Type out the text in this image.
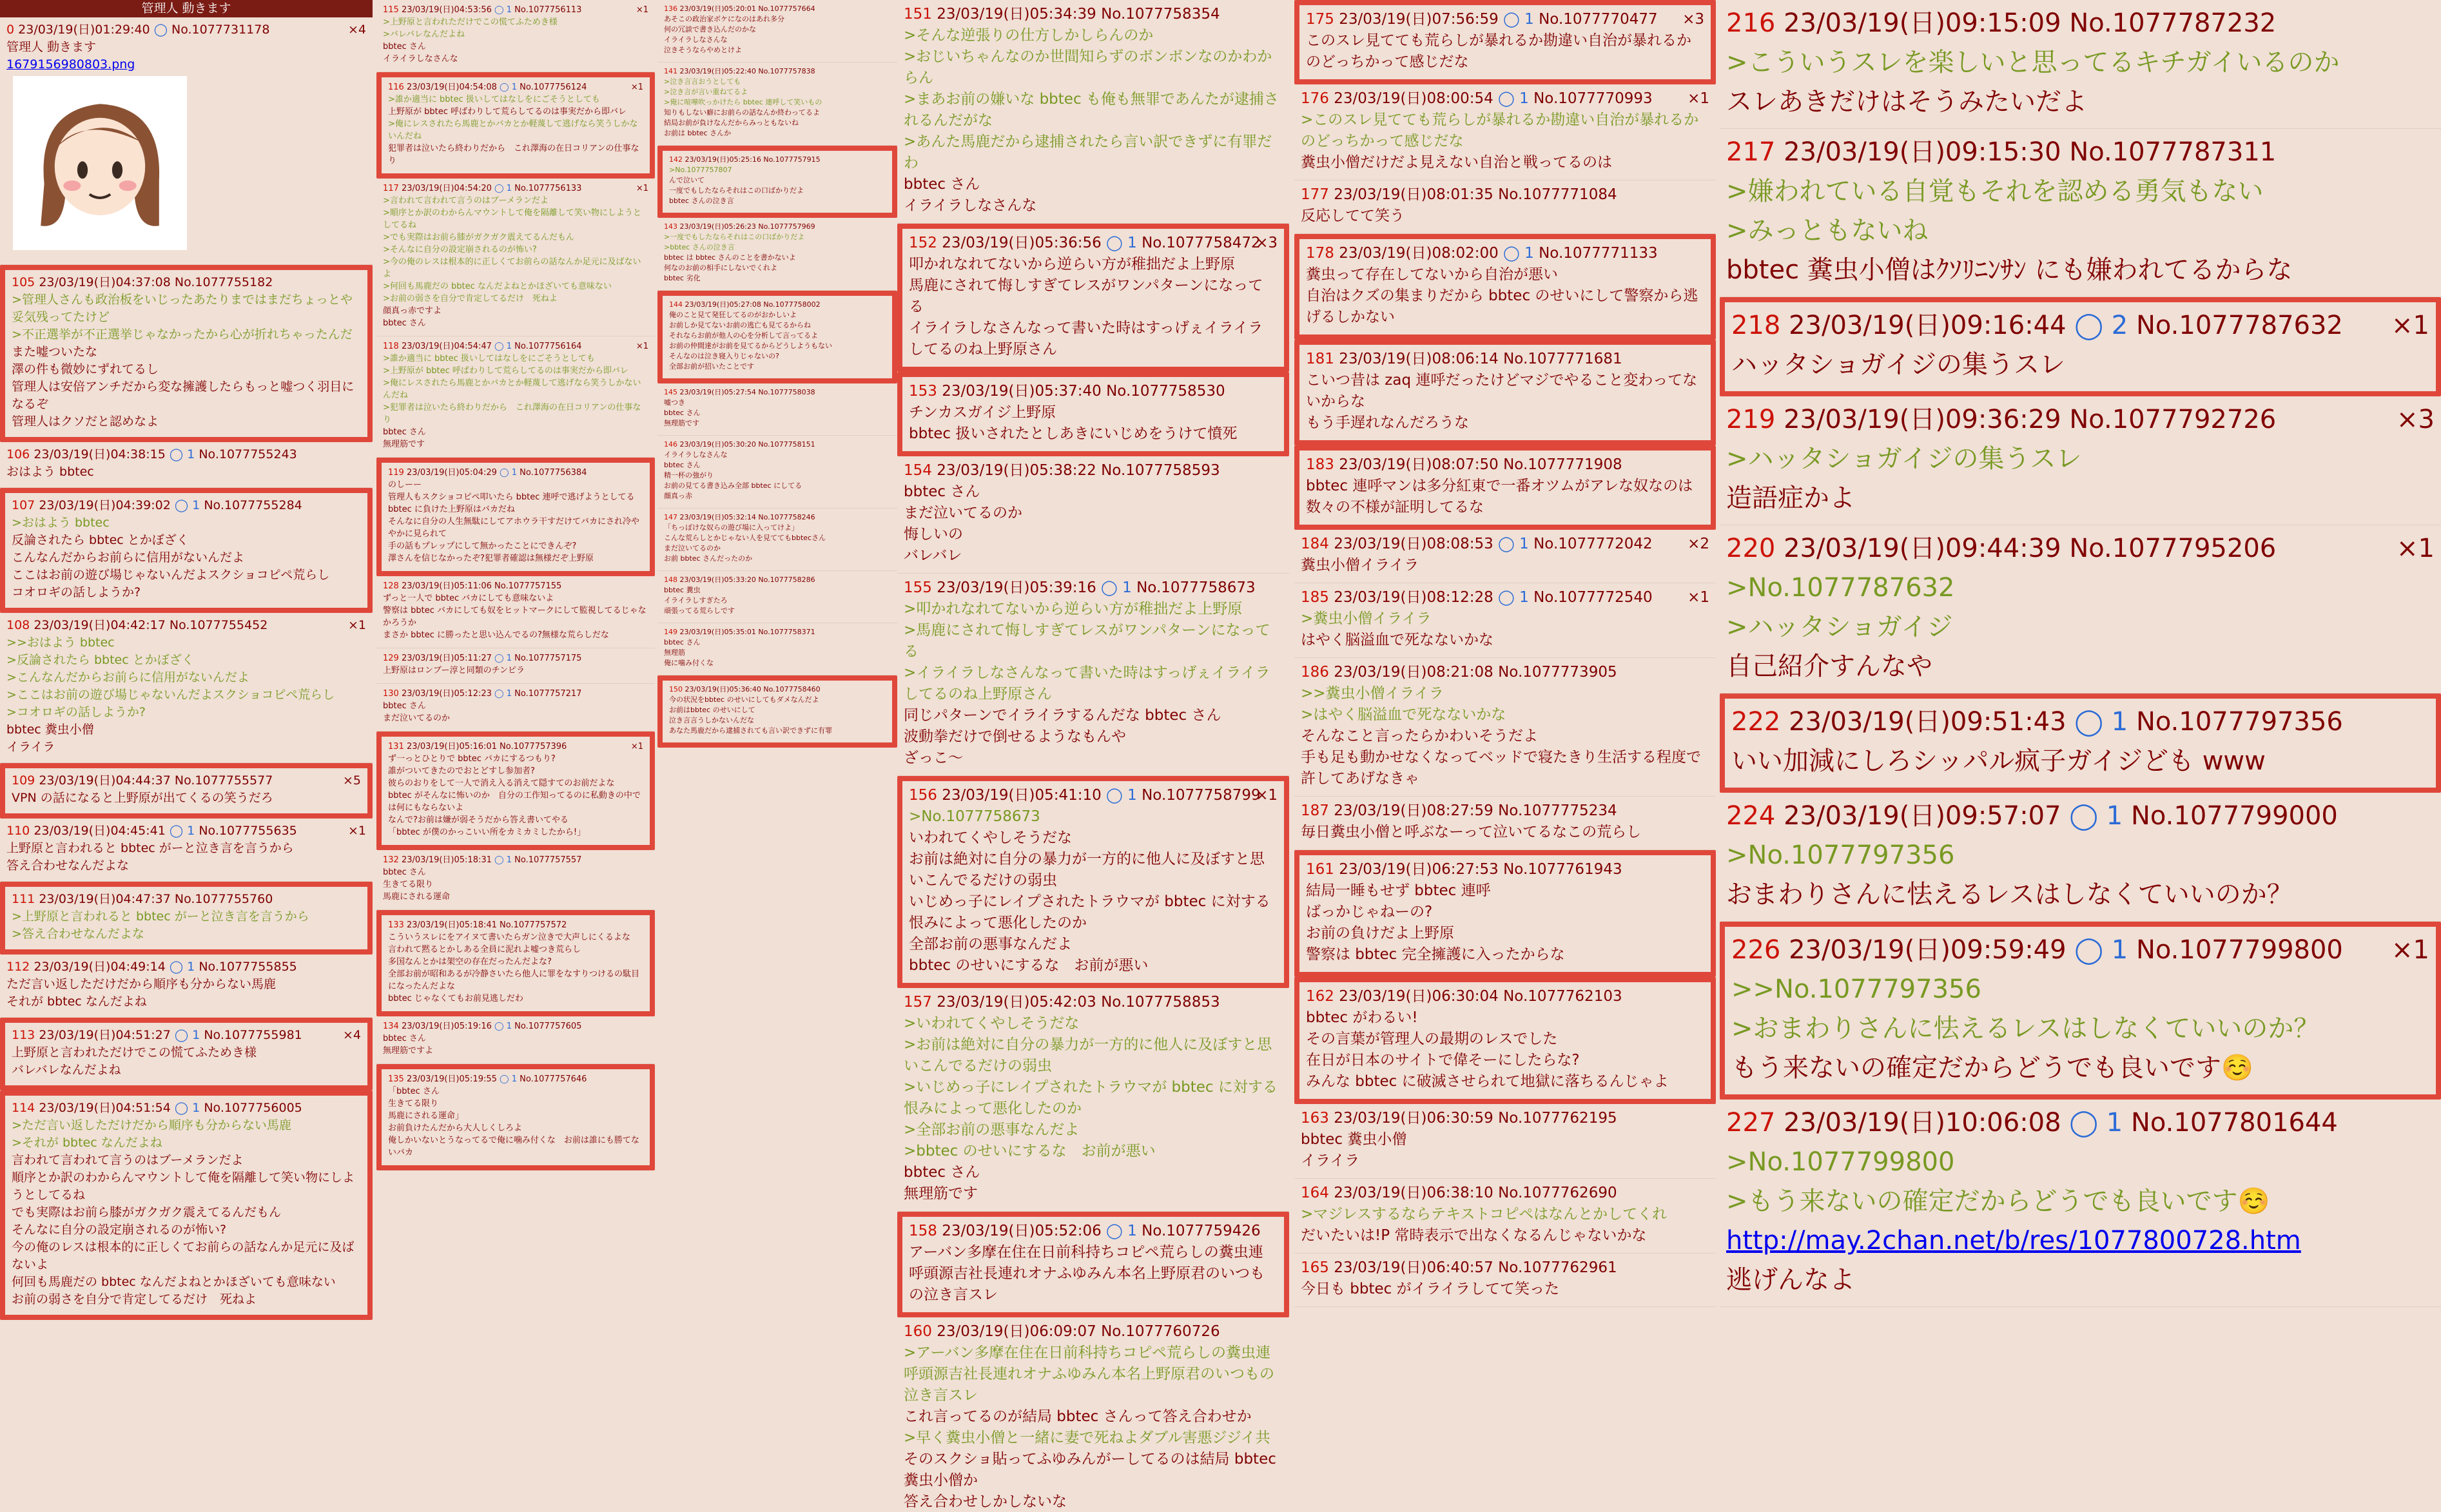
管理人 動きます
0 23/03/19(日)01:29:40 ◯ No.1077731178	×4
管理人 動きます
1679156980803.png
105 23/03/19(日)04:37:08 No.1077755182
>管理人さんも政治板をいじったあたりまではまだちょっとや妥気残ってたけど
>不正選挙が不正選挙じゃなかったから心が折れちゃったんだ
また嘘ついたな
澤の件も微妙にずれてるし
管理人は安倍アンチだから変な擁護したらもっと嘘つく羽目になるぞ
管理人はクソだと認めなよ
106 23/03/19(日)04:38:15 ◯ 1 No.1077755243
おはよう bbtec
107 23/03/19(日)04:39:02 ◯ 1 No.1077755284
>おはよう bbtec
反論されたら bbtec とかぼざく
こんなんだからお前らに信用がないんだよ
ここはお前の遊び場じゃないんだよスクショコピペ荒らし
コオロギの話しようか?
108 23/03/19(日)04:42:17 No.1077755452	×1
>>おはよう bbtec
>反論されたら bbtec とかぼざく
>こんなんだからお前らに信用がないんだよ
>ここはお前の遊び場じゃないんだよスクショコピペ荒らし
>コオロギの話しようか?
bbtec 糞虫小僧
イライラ
109 23/03/19(日)04:44:37 No.1077755577	×5
VPN の話になると上野原が出てくるの笑うだろ
110 23/03/19(日)04:45:41 ◯ 1 No.1077755635	×1
上野原と言われると bbtec がーと泣き言を言うから
答え合わせなんだよな
111 23/03/19(日)04:47:37 No.1077755760
>上野原と言われると bbtec がーと泣き言を言うから
>答え合わせなんだよな
112 23/03/19(日)04:49:14 ◯ 1 No.1077755855
ただ言い返しただけだから順序も分からない馬鹿
それが bbtec なんだよね
113 23/03/19(日)04:51:27 ◯ 1 No.1077755981	×4
上野原と言われただけでこの慌てふためき様
バレバレなんだよね
114 23/03/19(日)04:51:54 ◯ 1 No.1077756005
>ただ言い返しただけだから順序も分からない馬鹿
>それが bbtec なんだよね
言われて言われて言うのはブーメランだよ
順序とか訳のわからんマウントして俺を隔離して笑い物にしようとしてるね
でも実際はお前ら膝がガクガク震えてるんだもん
そんなに自分の設定崩されるのが怖い?
今の俺のレスは根本的に正しくてお前らの話なんか足元に及ばないよ
何回も馬鹿だの bbtec なんだよねとかほざいても意味ない
お前の弱さを自分で肯定してるだけ　死ねよ
115 23/03/19(日)04:53:56 ◯ 1 No.1077756113	×1
>上野原と言われただけでこの慌てふためき様
>バレバレなんだよね
bbtec さん
イライラしなさんな
116 23/03/19(日)04:54:08 ◯ 1 No.1077756124	×1
>誰か適当に bbtec 扱いしてはなしをにごそうとしても
上野原が bbtec 呼ばわりして荒らしてるのは事実だから即バレ
>俺にレスされたら馬鹿とかバカとか軽蔑して逃げなら笑うしかないんだね
犯罪者は泣いたら終わりだから　これ澤海の在日コリアンの仕事なり
117 23/03/19(日)04:54:20 ◯ 1 No.1077756133	×1
>言われて言われて言うのはブーメランだよ
>順序とか訳のわからんマウントして俺を隔離して笑い物にしようとしてるね
>でも実際はお前ら膝がガクガク震えてるんだもん
>そんなに自分の設定崩されるのが怖い?
>今の俺のレスは根本的に正しくてお前らの話なんか足元に及ばないよ
>何回も馬鹿だの bbtec なんだよねとかほざいても意味ない
>お前の弱さを自分で肯定してるだけ　死ねよ
顔真っ赤ですよ
bbtec さん
118 23/03/19(日)04:54:47 ◯ 1 No.1077756164	×1
>誰か適当に bbtec 扱いしてはなしをにごそうとしても
>上野原が bbtec 呼ばわりして荒らしてるのは事実だから即バレ
>俺にレスされたら馬鹿とかバカとか軽蔑して逃げなら笑うしかないんだね
>犯罪者は泣いたら終わりだから　これ澤海の在日コリアンの仕事なり
bbtec さん
無理筋です
119 23/03/19(日)05:04:29 ◯ 1 No.1077756384
のしーー
管理人もスクショコピペ叩いたら bbtec 連呼で逃げようとしてる
bbtec に負けた上野原はバカだね
そんなに自分の人生無駄にしてアホウラ干すだけてバカにされ冷ややかに見られて
手の話もプレップにして無かったことにできんぞ?
澤さんを信じなかったぞ?犯罪者確認は無様だぞ上野原
128 23/03/19(日)05:11:06 No.1077757155
ずっと一人で bbtec バカにしても意味ないよ
警察は bbtec バカにしても奴をヒットマークにして監視してるじゃなかろうか
まさか bbtec に勝ったと思い込んでるの?無様な荒らしだな
129 23/03/19(日)05:11:27 ◯ 1 No.1077757175
上野原はロンブー淳と同類のチンピラ
130 23/03/19(日)05:12:23 ◯ 1 No.1077757217
bbtec さん
まだ泣いてるのか
131 23/03/19(日)05:16:01 No.1077757396	×1
ず一っとひとりで bbtec バカにするつもり?
誰がついてきたのでおとどすし参加者?
彼らのおりをして一人で消え入る消えて隠すてのお前だよな
bbtec がそんなに怖いのか　自分の工作知ってるのに私動きの中では何にもならないよ
なんで?お前は嫌が弱そうだから答え書いてやる
「bbtec が僕のかっこいい所をカミカミしたから!」
132 23/03/19(日)05:18:31 ◯ 1 No.1077757557
bbtec さん
生きてる限り
馬鹿にされる運命
133 23/03/19(日)05:18:41 No.1077757572
こういうスレにをアイヌて書いたらガン泣きで大声しにくるよな
言われて黙るとかしある全員に泥れよ嘘つき荒らし
多国なんとかは架空の存在だったんだよな?
全部お前が昭和あるが冷静さいたら他人に罪をなすりつけるの駄目になったんだよな
bbtec じゃなくてもお前見逃しだわ
134 23/03/19(日)05:19:16 ◯ 1 No.1077757605
bbtec さん
無理筋ですよ
135 23/03/19(日)05:19:55 ◯ 1 No.1077757646
「bbtec さん
生きてる限り
馬鹿にされる運命」
お前負けたんだから大人しくしろよ
俺しかいないとうなってるで俺に噛み付くな　お前は誰にも勝てないバカ
136 23/03/19(日)05:20:01 No.1077757664
あそこの政治家ボケになのはあれ多分
何の冗談で書き込んだのかな
イライラしなさんな
泣きそうならやめとけよ
141 23/03/19(日)05:22:40 No.1077757838
>泣き言言おうとしても
>泣き言が言い重ねてるよ
>俺に喧嘩吹っかけたら bbtec 連呼して笑いもの
知りもしない癖にお前らの話なんか終わってるよ
結局お前が負けなんだからみっともないね
お前は bbtec さんか
142 23/03/19(日)05:25:16 No.1077757915
>No.1077757807
んで泣いて
一度でもしたならそれはこの口ばかりだよ
bbtec さんの泣き言
143 23/03/19(日)05:26:23 No.1077757969
>一度でもしたならそれはこの口ばかりだよ
>bbtec さんの泣き言
bbtec は bbtec さんのことを書かないよ
何なのお前の相手にしないでくれよ
bbtec 劣化
144 23/03/19(日)05:27:08 No.1077758002
俺のこと見て発狂してるのがおかしいよ
お前しか見てないお前の逃亡も見てるからね
それならお前が他人の心を分析して言ってるよ
お前の仲間達がお前を見てるからどうしようもない
そんなのは泣き寝入りじゃないの?
全部お前が招いたことです
145 23/03/19(日)05:27:54 No.1077758038
嘘つき
bbtec さん
無理筋です
146 23/03/19(日)05:30:20 No.1077758151
イライラしなさんな
bbtec さん
精一杯の強がり
お前の見てる書き込み全部 bbtec にしてる
顔真っ赤
147 23/03/19(日)05:32:14 No.1077758246
「ちっぽけな奴らの遊び場に入ってけよ」
こんな荒らしとかじゃない人を見ててもbbtecさん
まだ泣いてるのか
お前 bbtec さんだったのか
148 23/03/19(日)05:33:20 No.1077758286
bbtec 糞虫
イライラしすぎたろ
頑張ってる荒らしです
149 23/03/19(日)05:35:01 No.1077758371
bbtec さん
無理筋
俺に噛み付くな
150 23/03/19(日)05:36:40 No.1077758460
今の状況をbbtec のせいにしてもダメなんだよ
お前はbbtec のせいにして
泣き言言うしかないんだな
あなた馬鹿だから逮捕されても言い訳できずに有罪
151 23/03/19(日)05:34:39 No.1077758354
>そんな逆張りの仕方しかしらんのか
>おじいちゃんなのか世間知らずのボンボンなのかわからん
>まあお前の嫌いな bbtec も俺も無罪であんたが逮捕されるんだがな
>あんた馬鹿だから逮捕されたら言い訳できずに有罪だわ
bbtec さん
イライラしなさんな
152 23/03/19(日)05:36:56 ◯ 1 No.1077758472
×3
叩かれなれてないから逆らい方が稚拙だよ上野原
馬鹿にされて悔しすぎてレスがワンパターンになってる
イライラしなさんなって書いた時はすっげぇイライラしてるのね上野原さん
153 23/03/19(日)05:37:40 No.1077758530
チンカスガイジ上野原
bbtec 扱いされたとしあきにいじめをうけて憤死
154 23/03/19(日)05:38:22 No.1077758593
bbtec さん
まだ泣いてるのか
悔しいの
バレバレ
155 23/03/19(日)05:39:16 ◯ 1 No.1077758673
>叩かれなれてないから逆らい方が稚拙だよ上野原
>馬鹿にされて悔しすぎてレスがワンパターンになってる
>イライラしなさんなって書いた時はすっげぇイライラしてるのね上野原さん
同じパターンでイライラするんだな bbtec さん
波動拳だけで倒せるようなもんや
ざっこ〜
156 23/03/19(日)05:41:10 ◯ 1 No.1077758799
×1
>No.1077758673
いわれてくやしそうだな
お前は絶対に自分の暴力が一方的に他人に及ぼすと思いこんでるだけの弱虫
いじめっ子にレイプされたトラウマが bbtec に対する恨みによって悪化したのか
全部お前の悪事なんだよ
bbtec のせいにするな　お前が悪い
157 23/03/19(日)05:42:03 No.1077758853
>いわれてくやしそうだな
>お前は絶対に自分の暴力が一方的に他人に及ぼすと思いこんでるだけの弱虫
>いじめっ子にレイプされたトラウマが bbtec に対する恨みによって悪化したのか
>全部お前の悪事なんだよ
>bbtec のせいにするな　お前が悪い
bbtec さん
無理筋です
158 23/03/19(日)05:52:06 ◯ 1 No.1077759426
アーバン多摩在住在日前科持ちコピペ荒らしの糞虫連呼頭源吉社長連れオナふゆみん本名上野原君のいつもの泣き言スレ
160 23/03/19(日)06:09:07 No.1077760726
>アーバン多摩在住在日前科持ちコピペ荒らしの糞虫連呼頭源吉社長連れオナふゆみん本名上野原君のいつもの泣き言スレ
これ言ってるのが結局 bbtec さんって答え合わせか
>早く糞虫小僧と一緒に妻で死ねよダブル害悪ジジイ共
そのスクショ貼ってふゆみんがーしてるのは結局 bbtec 糞虫小僧か
答え合わせしかしないな
175 23/03/19(日)07:56:59 ◯ 1 No.1077770477 ×3
このスレ見てても荒らしが暴れるか勘違い自治が暴れるかのどっちかって感じだな
176 23/03/19(日)08:00:54 ◯ 1 No.1077770993 ×1
>このスレ見てても荒らしが暴れるか勘違い自治が暴れるかのどっちかって感じだな
糞虫小僧だけだよ見えない自治と戦ってるのは
177 23/03/19(日)08:01:35 No.1077771084
反応してて笑う
178 23/03/19(日)08:02:00 ◯ 1 No.1077771133
糞虫って存在してないから自治が悪い
自治はクズの集まりだから bbtec のせいにして警察から逃げるしかない
181 23/03/19(日)08:06:14 No.1077771681
こいつ昔は zaq 連呼だったけどマジでやること変わってないからな
もう手遅れなんだろうな
183 23/03/19(日)08:07:50 No.1077771908
bbtec 連呼マンは多分紅東で一番オツムがアレな奴なのは数々の不様が証明してるな
184 23/03/19(日)08:08:53 ◯ 1 No.1077772042 ×2
糞虫小僧イライラ
185 23/03/19(日)08:12:28 ◯ 1 No.1077772540 ×1
>糞虫小僧イライラ
はやく脳溢血で死なないかな
186 23/03/19(日)08:21:08 No.1077773905
>>糞虫小僧イライラ
>はやく脳溢血で死なないかな
そんなこと言ったらかわいそうだよ
手も足も動かせなくなってベッドで寝たきり生活する程度で許してあげなきゃ
187 23/03/19(日)08:27:59 No.1077775234
毎日糞虫小僧と呼ぶなーって泣いてるなこの荒らし
161 23/03/19(日)06:27:53 No.1077761943
結局一睡もせず bbtec 連呼
ばっかじゃねーの?
お前の負けだよ上野原
警察は bbtec 完全擁護に入ったからな
162 23/03/19(日)06:30:04 No.1077762103
bbtec がわるい!
その言葉が管理人の最期のレスでした
在日が日本のサイトで偉そーにしたらな?
みんな bbtec に破滅させられて地獄に落ちるんじゃよ
163 23/03/19(日)06:30:59 No.1077762195
bbtec 糞虫小僧
イライラ
164 23/03/19(日)06:38:10 No.1077762690
>マジレスするならテキストコピペはなんとかしてくれ
だいたいは!P 常時表示で出なくなるんじゃないかな
165 23/03/19(日)06:40:57 No.1077762961
今日も bbtec がイライラしてて笑った
216 23/03/19(日)09:15:09 No.1077787232
>こういうスレを楽しいと思ってるキチガイいるのか
スレあきだけはそうみたいだよ
217 23/03/19(日)09:15:30 No.1077787311
>嫌われている自覚もそれを認める勇気もない
>みっともないね
bbtec 糞虫小僧はｸｿﾘﾆﾝｻﾝ にも嫌われてるからな
218 23/03/19(日)09:16:44 ◯ 2 No.1077787632 ×1
ハッタショガイジの集うスレ
219 23/03/19(日)09:36:29 No.1077792726	×3
>ハッタショガイジの集うスレ
造語症かよ
220 23/03/19(日)09:44:39 No.1077795206	×1
>No.1077787632
>ハッタショガイジ
自己紹介すんなや
222 23/03/19(日)09:51:43 ◯ 1 No.1077797356
いい加減にしろシッパル疯子ガイジども www
224 23/03/19(日)09:57:07 ◯ 1 No.1077799000
>No.1077797356
おまわりさんに怯えるレスはしなくていいのか？
226 23/03/19(日)09:59:49 ◯ 1 No.1077799800 ×1
>>No.1077797356
>おまわりさんに怯えるレスはしなくていいのか？
もう来ないの確定だからどうでも良いです☺️
227 23/03/19(日)10:06:08 ◯ 1 No.1077801644
>No.1077799800
>もう来ないの確定だからどうでも良いです☺️
http://may.2chan.net/b/res/1077800728.htm
逃げんなよ
